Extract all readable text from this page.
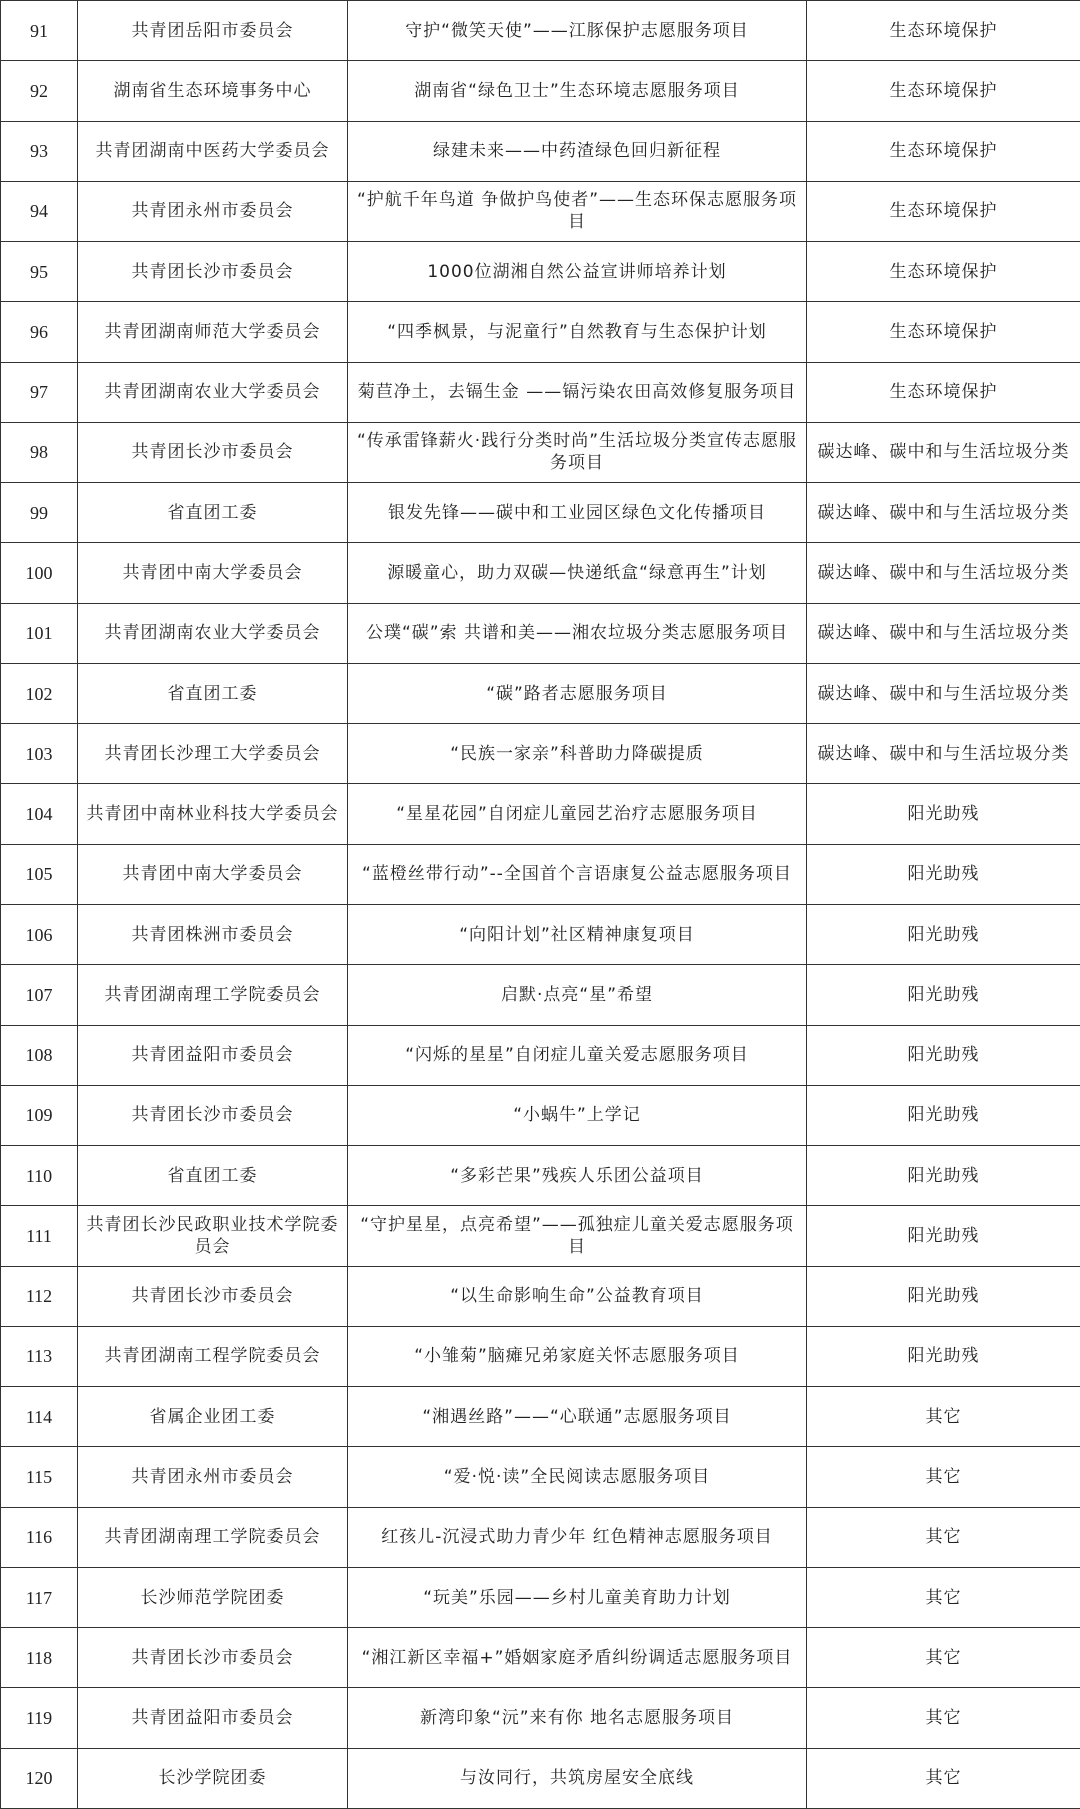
91	共青团岳阳市委员会	守护“微笑天使”——江豚保护志愿服务项目	生态环境保护
92	湖南省生态环境事务中心	湖南省“绿色卫士”生态环境志愿服务项目	生态环境保护
93	共青团湖南中医药大学委员会	绿建未来——中药渣绿色回归新征程	生态环境保护
94	共青团永州市委员会	“护航千年鸟道 争做护鸟使者”——生态环保志愿服务项目	生态环境保护
95	共青团长沙市委员会	1000位湖湘自然公益宣讲师培养计划	生态环境保护
96	共青团湖南师范大学委员会	“四季枫景，与泥童行”自然教育与生态保护计划	生态环境保护
97	共青团湖南农业大学委员会	菊苣净土，去镉生金 ——镉污染农田高效修复服务项目	生态环境保护
98	共青团长沙市委员会	“传承雷锋薪火·践行分类时尚”生活垃圾分类宣传志愿服务项目	碳达峰、碳中和与生活垃圾分类
99	省直团工委	银发先锋——碳中和工业园区绿色文化传播项目	碳达峰、碳中和与生活垃圾分类
100	共青团中南大学委员会	源暖童心，助力双碳—快递纸盒“绿意再生”计划	碳达峰、碳中和与生活垃圾分类
101	共青团湖南农业大学委员会	公璞“碳”索 共谱和美——湘农垃圾分类志愿服务项目	碳达峰、碳中和与生活垃圾分类
102	省直团工委	“碳”路者志愿服务项目	碳达峰、碳中和与生活垃圾分类
103	共青团长沙理工大学委员会	“民族一家亲”科普助力降碳提质	碳达峰、碳中和与生活垃圾分类
104	共青团中南林业科技大学委员会	“星星花园”自闭症儿童园艺治疗志愿服务项目	阳光助残
105	共青团中南大学委员会	“蓝橙丝带行动”--全国首个言语康复公益志愿服务项目	阳光助残
106	共青团株洲市委员会	“向阳计划”社区精神康复项目	阳光助残
107	共青团湖南理工学院委员会	启默·点亮“星”希望	阳光助残
108	共青团益阳市委员会	“闪烁的星星”自闭症儿童关爱志愿服务项目	阳光助残
109	共青团长沙市委员会	“小蜗牛”上学记	阳光助残
110	省直团工委	“多彩芒果”残疾人乐团公益项目	阳光助残
111	共青团长沙民政职业技术学院委员会	“守护星星，点亮希望”——孤独症儿童关爱志愿服务项目	阳光助残
112	共青团长沙市委员会	“以生命影响生命”公益教育项目	阳光助残
113	共青团湖南工程学院委员会	“小雏菊”脑瘫兄弟家庭关怀志愿服务项目	阳光助残
114	省属企业团工委	“湘遇丝路”——“心联通”志愿服务项目	其它
115	共青团永州市委员会	“爱·悦·读”全民阅读志愿服务项目	其它
116	共青团湖南理工学院委员会	红孩儿-沉浸式助力青少年 红色精神志愿服务项目	其它
117	长沙师范学院团委	“玩美”乐园——乡村儿童美育助力计划	其它
118	共青团长沙市委员会	“湘江新区幸福+”婚姻家庭矛盾纠纷调适志愿服务项目	其它
119	共青团益阳市委员会	新湾印象“沅”来有你 地名志愿服务项目	其它
120	长沙学院团委	与汝同行，共筑房屋安全底线	其它
